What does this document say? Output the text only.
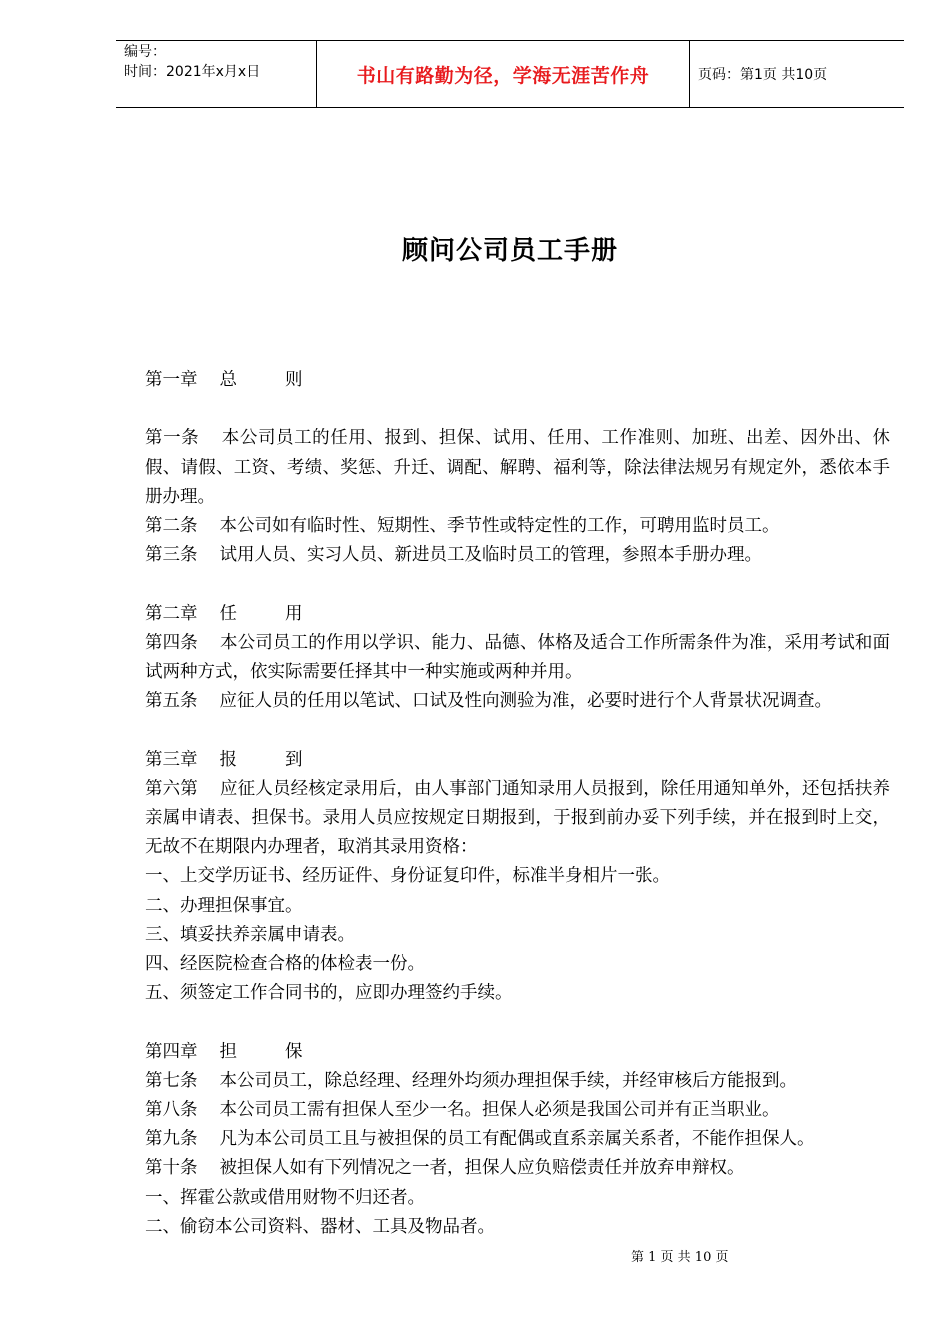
编号：
时间：2021年x月x日	书山有路勤为径，学海无涯苦作舟	页码：第1页 共10页
顾问公司员工手册

第一章 总	则

第一条 本公司员工的任用、报到、担保、试用、任用、工作准则、加班、出差、因外出、休假、请假、工资、考绩、奖惩、升迁、调配、解聘、福利等，除法律法规另有规定外，悉依本手册办理。

第二条 本公司如有临时性、短期性、季节性或特定性的工作，可聘用监时员工。

第三条 试用人员、实习人员、新进员工及临时员工的管理，参照本手册办理。

第二章 任	用

第四条 本公司员工的作用以学识、能力、品德、体格及适合工作所需条件为准，采用考试和面试两种方式，依实际需要任择其中一种实施或两种并用。

第五条 应征人员的任用以笔试、口试及性向测验为准，必要时进行个人背景状况调查。

第三章 报	到

第六第 应征人员经核定录用后，由人事部门通知录用人员报到，除任用通知单外，还包括扶养亲属申请表、担保书。录用人员应按规定日期报到，于报到前办妥下列手续，并在报到时上交，无故不在期限内办理者，取消其录用资格：

一、上交学历证书、经历证件、身份证复印件，标准半身相片一张。

二、办理担保事宜。

三、填妥扶养亲属申请表。

四、经医院检查合格的体检表一份。

五、须签定工作合同书的，应即办理签约手续。

第四章 担	保

第七条 本公司员工，除总经理、经理外均须办理担保手续，并经审核后方能报到。

第八条 本公司员工需有担保人至少一名。担保人必须是我国公司并有正当职业。

第九条 凡为本公司员工且与被担保的员工有配偶或直系亲属关系者，不能作担保人。

第十条 被担保人如有下列情况之一者，担保人应负赔偿责任并放弃申辩权。

一、挥霍公款或借用财物不归还者。

二、偷窃本公司资料、器材、工具及物品者。

第 1 页 共 10 页
